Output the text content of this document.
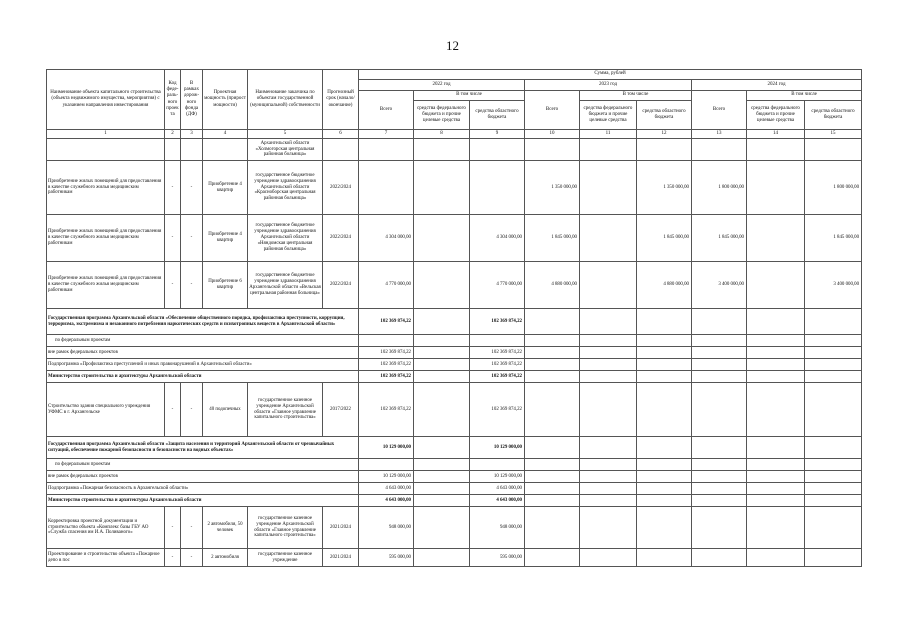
12
Наименование объекта капитального строительства (объекта недвижимого имущества, мероприятия) с указанием направления инвестирования	Код феде-раль-ного проекта	В рамках дорож-ного фонда (ДФ)	Проектная мощность (прирост мощности)	Наименование заказчика по объектам государственной (муниципальной) собственности	Прогнозный срок (начало/окончание)	Сумма, рублей								
						2022 год			2023 год			2024 год		
						Всего	В том числе		Всего	В том числе		Всего	В том числе	
							средства федерального бюджета и прочие целевые средства	средства областного бюджета		средства федерального бюджета и прочие целевые средства	средства областного бюджета		средства федерального бюджета и прочие целевые средства	средства областного бюджета
1	2	3	4	5	6	7	8	9	10	11	12	13	14	15
				Архангельской области «Холмогорская центральная районная больница»										
Приобретение жилых помещений для предоставления в качестве служебного жилья медицинским работникам	-	-	Приобретение 4 квартир	государственное бюджетное учреждение здравоохранения Архангельской области «Красноборская центральная районная больница»	2022/2024				1 350 000,00		1 350 000,00	1 800 000,00		1 800 000,00
Приобретение жилых помещений для предоставления в качестве служебного жилья медицинским работникам	-	-	Приобретение 4 квартир	государственное бюджетное учреждение здравоохранения Архангельской области «Няндомская центральная районная больница»	2022/2024	4 304 000,00		4 304 000,00	1 845 000,00		1 845 000,00	1 845 000,00		1 845 000,00
Приобретение жилых помещений для предоставления в качестве служебного жилья медицинским работникам	-	-	Приобретение 6 квартир	государственное бюджетное учреждение здравоохранения Архангельской области «Вельская центральная районная больница»	2022/2024	4 770 000,00		4 770 000,00	4 880 000,00		4 880 000,00	3 400 000,00		3 400 000,00
Государственная программа Архангельской области «Обеспечение общественного порядка, профилактика преступности, коррупции, терроризма, экстремизма и незаконного потребления наркотических средств и психотропных веществ в Архангельской области»						102 369 874,22		102 369 874,22						
по федеральным проектам														
вне рамок федеральных проектов						102 369 874,22		102 369 874,22						
Подпрограмма «Профилактика преступлений и иных правонарушений в Архангельской области»						102 369 874,22		102 369 874,22						
Министерство строительства и архитектуры Архангельской области						102 369 874,22		102 369 874,22						
Строительство здания специального учреждения УФМС в г. Архангельске	-	-	40 подопечных	государственное казенное учреждение Архангельской области «Главное управление капитального строительства»	2017/2022	102 369 874,22		102 369 874,22						
Государственная программа Архангельской области «Защита населения и территорий Архангельской области от чрезвычайных ситуаций, обеспечение пожарной безопасности и безопасности на водных объектах»						10 129 000,00		10 129 000,00						
по федеральным проектам														
вне рамок федеральных проектов						10 129 000,00		10 129 000,00						
Подпрограмма «Пожарная безопасность в Архангельской области»						4 643 000,00		4 643 000,00						
Министерство строительства и архитектуры Архангельской области						4 643 000,00		4 643 000,00						
Корректировка проектной документации и строительство объекта «Комплекс базы ГБУ АО «Служба спасения им И.А. Поливаного»	-	-	2 автомобиля, 50 человек	государственное казенное учреждение Архангельской области «Главное управление капитального строительства»	2021/2024	948 000,00		948 000,00						
Проектирование и строительство объекта «Пожарное депо в пос	-	-	2 автомобиля	государственное казенное учреждение	2021/2024	595 000,00		595 000,00						
